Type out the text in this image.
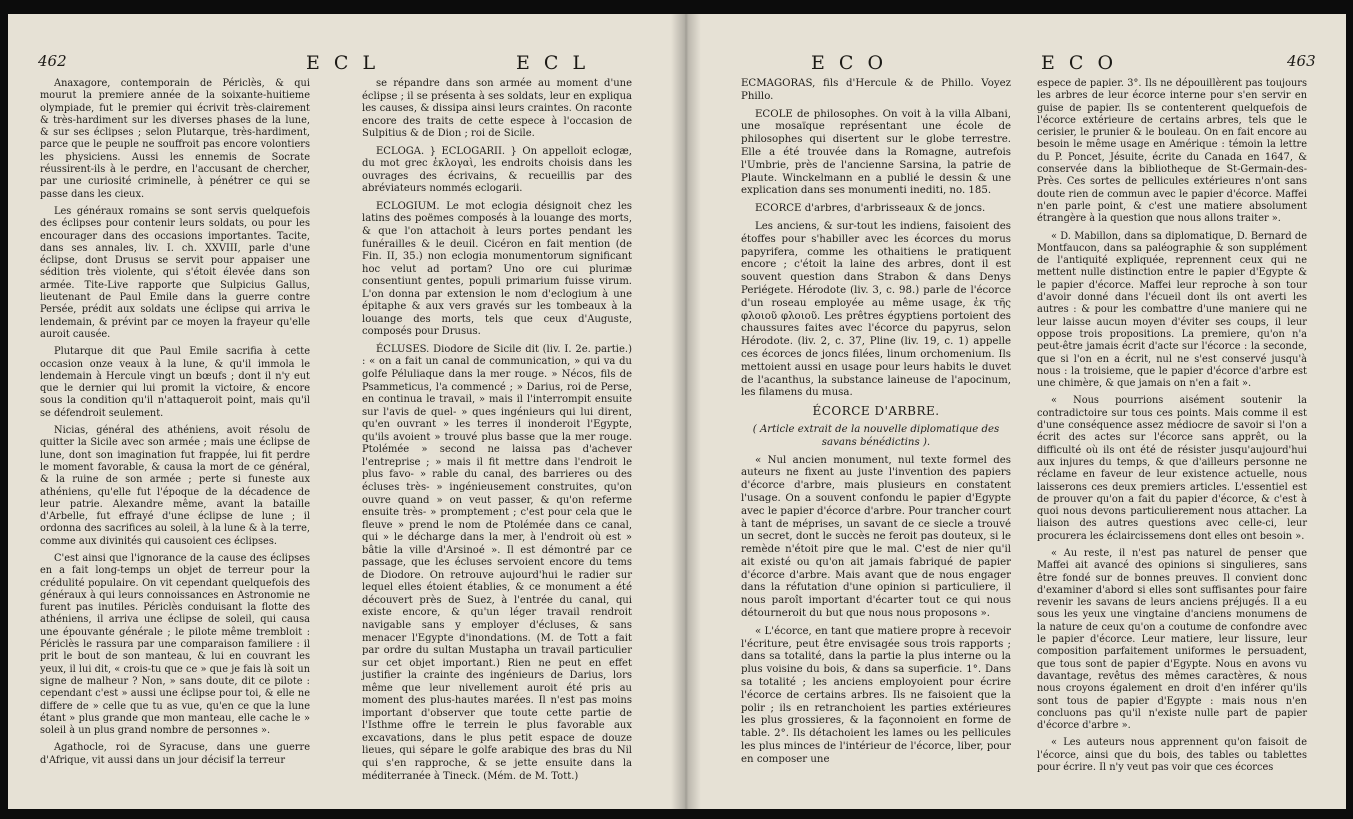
462	E C L	E C L

Anaxagore, contemporain de Périclès, & qui mourut la premiere année de la soixante-huitieme olympiade, fut le premier qui écrivit très-clairement & très-hardiment sur les diverses phases de la lune, & sur ses éclipses ; selon Plutarque, très-hardiment, parce que le peuple ne souffroit pas encore volontiers les physiciens. Aussi les ennemis de Socrate réussirent-ils à le perdre, en l'accusant de chercher, par une curiosité criminelle, à pénétrer ce qui se passe dans les cieux.

Les généraux romains se sont servis quelquefois des éclipses pour contenir leurs soldats, ou pour les encourager dans des occasions importantes. Tacite, dans ses annales, liv. I. ch. XXVIII, parle d'une éclipse, dont Drusus se servit pour appaiser une sédition très violente, qui s'étoit élevée dans son armée. Tite-Live rapporte que Sulpicius Gallus, lieutenant de Paul Emile dans la guerre contre Persée, prédit aux soldats une éclipse qui arriva le lendemain, & prévint par ce moyen la frayeur qu'elle auroit causée.

Plutarque dit que Paul Emile sacrifia à cette occasion onze veaux à la lune, & qu'il immola le lendemain à Hercule vingt un bœufs ; dont il n'y eut que le dernier qui lui promit la victoire, & encore sous la condition qu'il n'attaqueroit point, mais qu'il se défendroit seulement.

Nicias, général des athéniens, avoit résolu de quitter la Sicile avec son armée ; mais une éclipse de lune, dont son imagination fut frappée, lui fit perdre le moment favorable, & causa la mort de ce général, & la ruine de son armée ; perte si funeste aux athéniens, qu'elle fut l'époque de la décadence de leur patrie. Alexandre même, avant la bataille d'Arbelle, fut effrayé d'une éclipse de lune ; il ordonna des sacrifices au soleil, à la lune & à la terre, comme aux divinités qui causoient ces éclipses.

C'est ainsi que l'ignorance de la cause des éclipses en a fait long-temps un objet de terreur pour la crédulité populaire. On vit cependant quelquefois des généraux à qui leurs connoissances en Astronomie ne furent pas inutiles. Périclès conduisant la flotte des athéniens, il arriva une éclipse de soleil, qui causa une épouvante générale ; le pilote même trembloit : Périclès le rassura par une comparaison familiere : il prit le bout de son manteau, & lui en couvrant les yeux, il lui dit, « crois-tu que ce » que je fais là soit un signe de malheur ? Non, » sans doute, dit ce pilote : cependant c'est » aussi une éclipse pour toi, & elle ne differe de » celle que tu as vue, qu'en ce que la lune étant » plus grande que mon manteau, elle cache le » soleil à un plus grand nombre de personnes ».

Agathocle, roi de Syracuse, dans une guerre d'Afrique, vit aussi dans un jour décisif la terreur

se répandre dans son armée au moment d'une éclipse ; il se présenta à ses soldats, leur en expliqua les causes, & dissipa ainsi leurs craintes. On raconte encore des traits de cette espece à l'occasion de Sulpitius & de Dion ; roi de Sicile.

ECLOGA. } ECLOGARII. } On appelloit eclogæ, du mot grec ἐκλογαὶ, les endroits choisis dans les ouvrages des écrivains, & recueillis par des abréviateurs nommés eclogarii.

ECLOGIUM. Le mot eclogia désignoit chez les latins des poëmes composés à la louange des morts, & que l'on attachoit à leurs portes pendant les funérailles & le deuil. Cicéron en fait mention (de Fin. II, 35.) non eclogia monumentorum significant hoc velut ad portam? Uno ore cui plurimæ consentiunt gentes, populi primarium fuisse virum. L'on donna par extension le nom d'eclogium à une épitaphe & aux vers gravés sur les tombeaux à la louange des morts, tels que ceux d'Auguste, composés pour Drusus.

ÉCLUSES. Diodore de Sicile dit (liv. I. 2e. partie.) : « on a fait un canal de communication, » qui va du golfe Péluliaque dans la mer rouge. » Nécos, fils de Psammeticus, l'a commencé ; » Darius, roi de Perse, en continua le travail, » mais il l'interrompit ensuite sur l'avis de quel- » ques ingénieurs qui lui dirent, qu'en ouvrant » les terres il inonderoit l'Egypte, qu'ils avoient » trouvé plus basse que la mer rouge. Ptolémée » second ne laissa pas d'achever l'entreprise ; » mais il fit mettre dans l'endroit le plus favo- » rable du canal, des barrieres ou des écluses très- » ingénieusement construites, qu'on ouvre quand » on veut passer, & qu'on referme ensuite très- » promptement ; c'est pour cela que le fleuve » prend le nom de Ptolémée dans ce canal, qui » le décharge dans la mer, à l'endroit où est » bâtie la ville d'Arsinoé ». Il est démontré par ce passage, que les écluses servoient encore du tems de Diodore. On retrouve aujourd'hui le radier sur lequel elles étoient établies, & ce monument a été découvert près de Suez, à l'entrée du canal, qui existe encore, & qu'un léger travail rendroit navigable sans y employer d'écluses, & sans menacer l'Egypte d'inondations. (M. de Tott a fait par ordre du sultan Mustapha un travail particulier sur cet objet important.) Rien ne peut en effet justifier la crainte des ingénieurs de Darius, lors même que leur nivellement auroit été pris au moment des plus-hautes marées. Il n'est pas moins important d'observer que toute cette partie de l'Isthme offre le terrein le plus favorable aux excavations, dans le plus petit espace de douze lieues, qui sépare le golfe arabique des bras du Nil qui s'en rapproche, & se jette ensuite dans la méditerranée à Tineck. (Mém. de M. Tott.)

E C O	E C O	463

ECMAGORAS, fils d'Hercule & de Phillo. Voyez Phillo.

ECOLE de philosophes. On voit à la villa Albani, une mosaïque représentant une école de philosophes qui disertent sur le globe terrestre. Elle a été trouvée dans la Romagne, autrefois l'Umbrie, près de l'ancienne Sarsina, la patrie de Plaute. Winckelmann en a publié le dessin & une explication dans ses monumenti inediti, no. 185.

ECORCE d'arbres, d'arbrisseaux & de joncs.

Les anciens, & sur-tout les indiens, faisoient des étoffes pour s'habiller avec les écorces du morus papyrifera, comme les othaitiens le pratiquent encore ; c'étoit la laine des arbres, dont il est souvent question dans Strabon & dans Denys Periégete. Hérodote (liv. 3, c. 98.) parle de l'écorce d'un roseau employée au même usage, ἐκ τῆς φλοιοῦ φλοιοῦ. Les prêtres égyptiens portoient des chaussures faites avec l'écorce du papyrus, selon Hérodote. (liv. 2, c. 37, Pline (liv. 19, c. 1) appelle ces écorces de joncs filées, linum orchomenium. Ils mettoient aussi en usage pour leurs habits le duvet de l'acanthus, la substance laineuse de l'apocinum, les filamens du musa.

ÉCORCE D'ARBRE.

( Article extrait de la nouvelle diplomatique des savans bénédictins ).

« Nul ancien monument, nul texte formel des auteurs ne fixent au juste l'invention des papiers d'écorce d'arbre, mais plusieurs en constatent l'usage. On a souvent confondu le papier d'Egypte avec le papier d'écorce d'arbre. Pour trancher court à tant de méprises, un savant de ce siecle a trouvé un secret, dont le succès ne feroit pas douteux, si le remède n'étoit pire que le mal. C'est de nier qu'il ait existé ou qu'on ait jamais fabriqué de papier d'écorce d'arbre. Mais avant que de nous engager dans la réfutation d'une opinion si particuliere, il nous paroît important d'écarter tout ce qui nous détourneroit du but que nous nous proposons ».

« L'écorce, en tant que matiere propre à recevoir l'écriture, peut être envisagée sous trois rapports ; dans sa totalité, dans la partie la plus interne ou la plus voisine du bois, & dans sa superficie. 1°. Dans sa totalité ; les anciens employoient pour écrire l'écorce de certains arbres. Ils ne faisoient que la polir ; ils en retranchoient les parties extérieures les plus grossieres, & la façonnoient en forme de table. 2°. Ils détachoient les lames ou les pellicules les plus minces de l'intérieur de l'écorce, liber, pour en composer une

espece de papier. 3°. Ils ne dépouillèrent pas toujours les arbres de leur écorce interne pour s'en servir en guise de papier. Ils se contenterent quelquefois de l'écorce extérieure de certains arbres, tels que le cerisier, le prunier & le bouleau. On en fait encore au besoin le même usage en Amérique : témoin la lettre du P. Poncet, Jésuite, écrite du Canada en 1647, & conservée dans la bibliotheque de St-Germain-des-Près. Ces sortes de pellicules extérieures n'ont sans doute rien de commun avec le papier d'écorce. Maffei n'en parle point, & c'est une matiere absolument étrangère à la question que nous allons traiter ».

« D. Mabillon, dans sa diplomatique, D. Bernard de Montfaucon, dans sa paléographie & son supplément de l'antiquité expliquée, reprennent ceux qui ne mettent nulle distinction entre le papier d'Egypte & le papier d'écorce. Maffei leur reproche à son tour d'avoir donné dans l'écueil dont ils ont averti les autres : & pour les combattre d'une maniere qui ne leur laisse aucun moyen d'éviter ses coups, il leur oppose trois propositions. La premiere, qu'on n'a peut-être jamais écrit d'acte sur l'écorce : la seconde, que si l'on en a écrit, nul ne s'est conservé jusqu'à nous : la troisieme, que le papier d'écorce d'arbre est une chimère, & que jamais on n'en a fait ».

« Nous pourrions aisément soutenir la contradictoire sur tous ces points. Mais comme il est d'une conséquence assez médiocre de savoir si l'on a écrit des actes sur l'écorce sans apprêt, ou la difficulté où ils ont été de résister jusqu'aujourd'hui aux injures du temps, & que d'ailleurs personne ne réclame en faveur de leur existence actuelle, nous laisserons ces deux premiers articles. L'essentiel est de prouver qu'on a fait du papier d'écorce, & c'est à quoi nous devons particulierement nous attacher. La liaison des autres questions avec celle-ci, leur procurera les éclaircissemens dont elles ont besoin ».

« Au reste, il n'est pas naturel de penser que Maffei ait avancé des opinions si singulieres, sans être fondé sur de bonnes preuves. Il convient donc d'examiner d'abord si elles sont suffisantes pour faire revenir les savans de leurs anciens préjugés. Il a eu sous les yeux une vingtaine d'anciens monumens de la nature de ceux qu'on a coutume de confondre avec le papier d'écorce. Leur matiere, leur lissure, leur composition parfaitement uniformes le persuadent, que tous sont de papier d'Egypte. Nous en avons vu davantage, revêtus des mêmes caractères, & nous nous croyons également en droit d'en inférer qu'ils sont tous de papier d'Egypte : mais nous n'en concluons pas qu'il n'existe nulle part de papier d'écorce d'arbre ».

« Les auteurs nous apprennent qu'on faisoit de l'écorce, ainsi que du bois, des tables ou tablettes pour écrire. Il n'y veut pas voir que ces écorces
